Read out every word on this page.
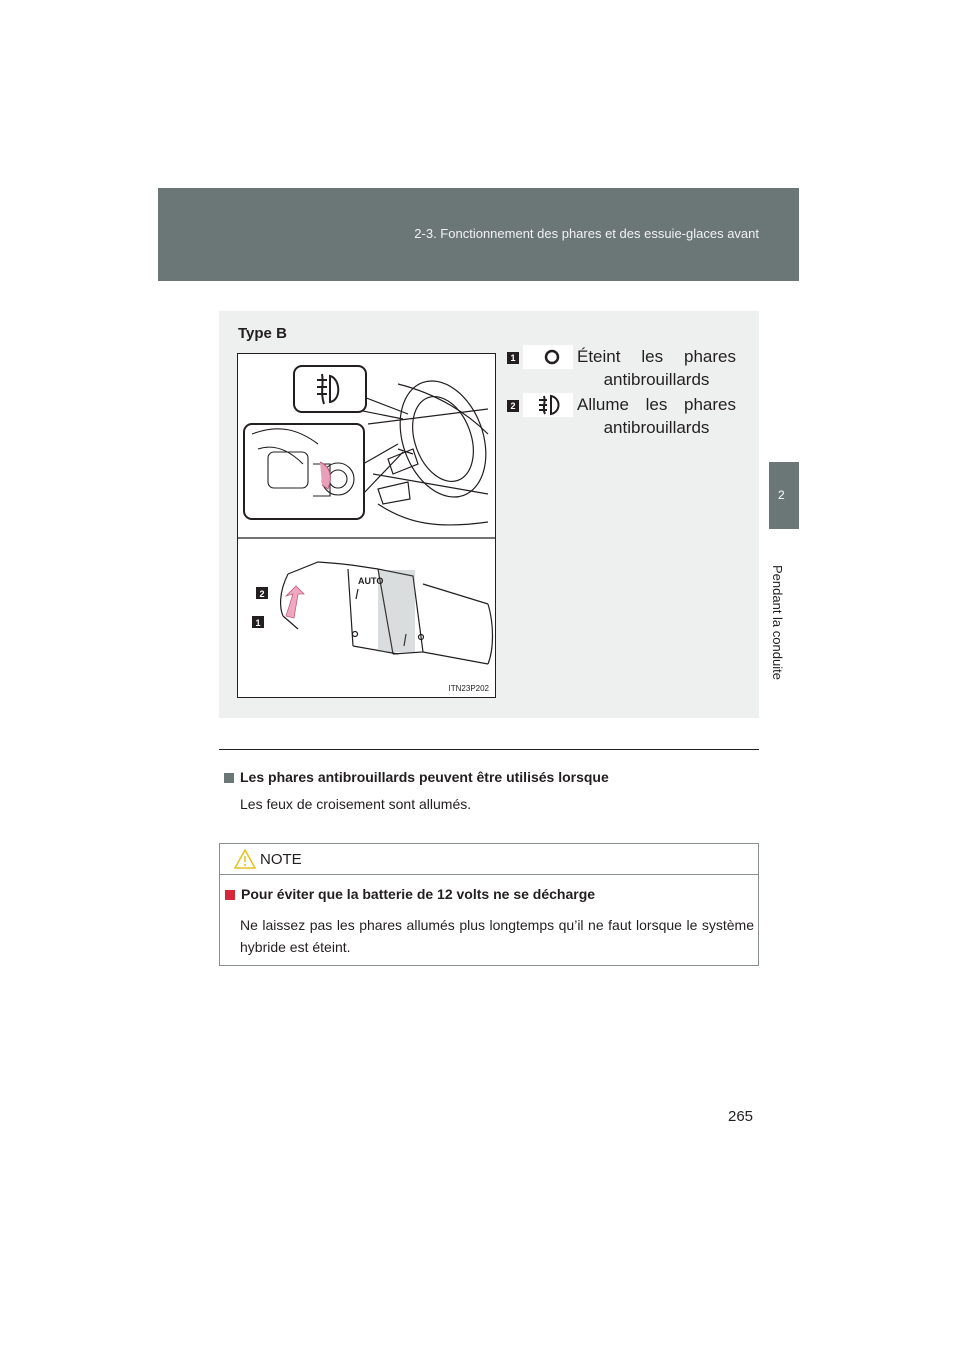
2-3. Fonctionnement des phares et des essuie-glaces avant
2
Pendant la conduite
Type B
AUTO
2
1
ITN23P202
1	Éteint les phares
antibrouillards
2	Allume les phares
antibrouillards
Les phares antibrouillards peuvent être utilisés lorsque
Les feux de croisement sont allumés.
NOTE
Pour éviter que la batterie de 12 volts ne se décharge
Ne laissez pas les phares allumés plus longtemps qu’il ne faut lorsque le système hybride est éteint.
265
